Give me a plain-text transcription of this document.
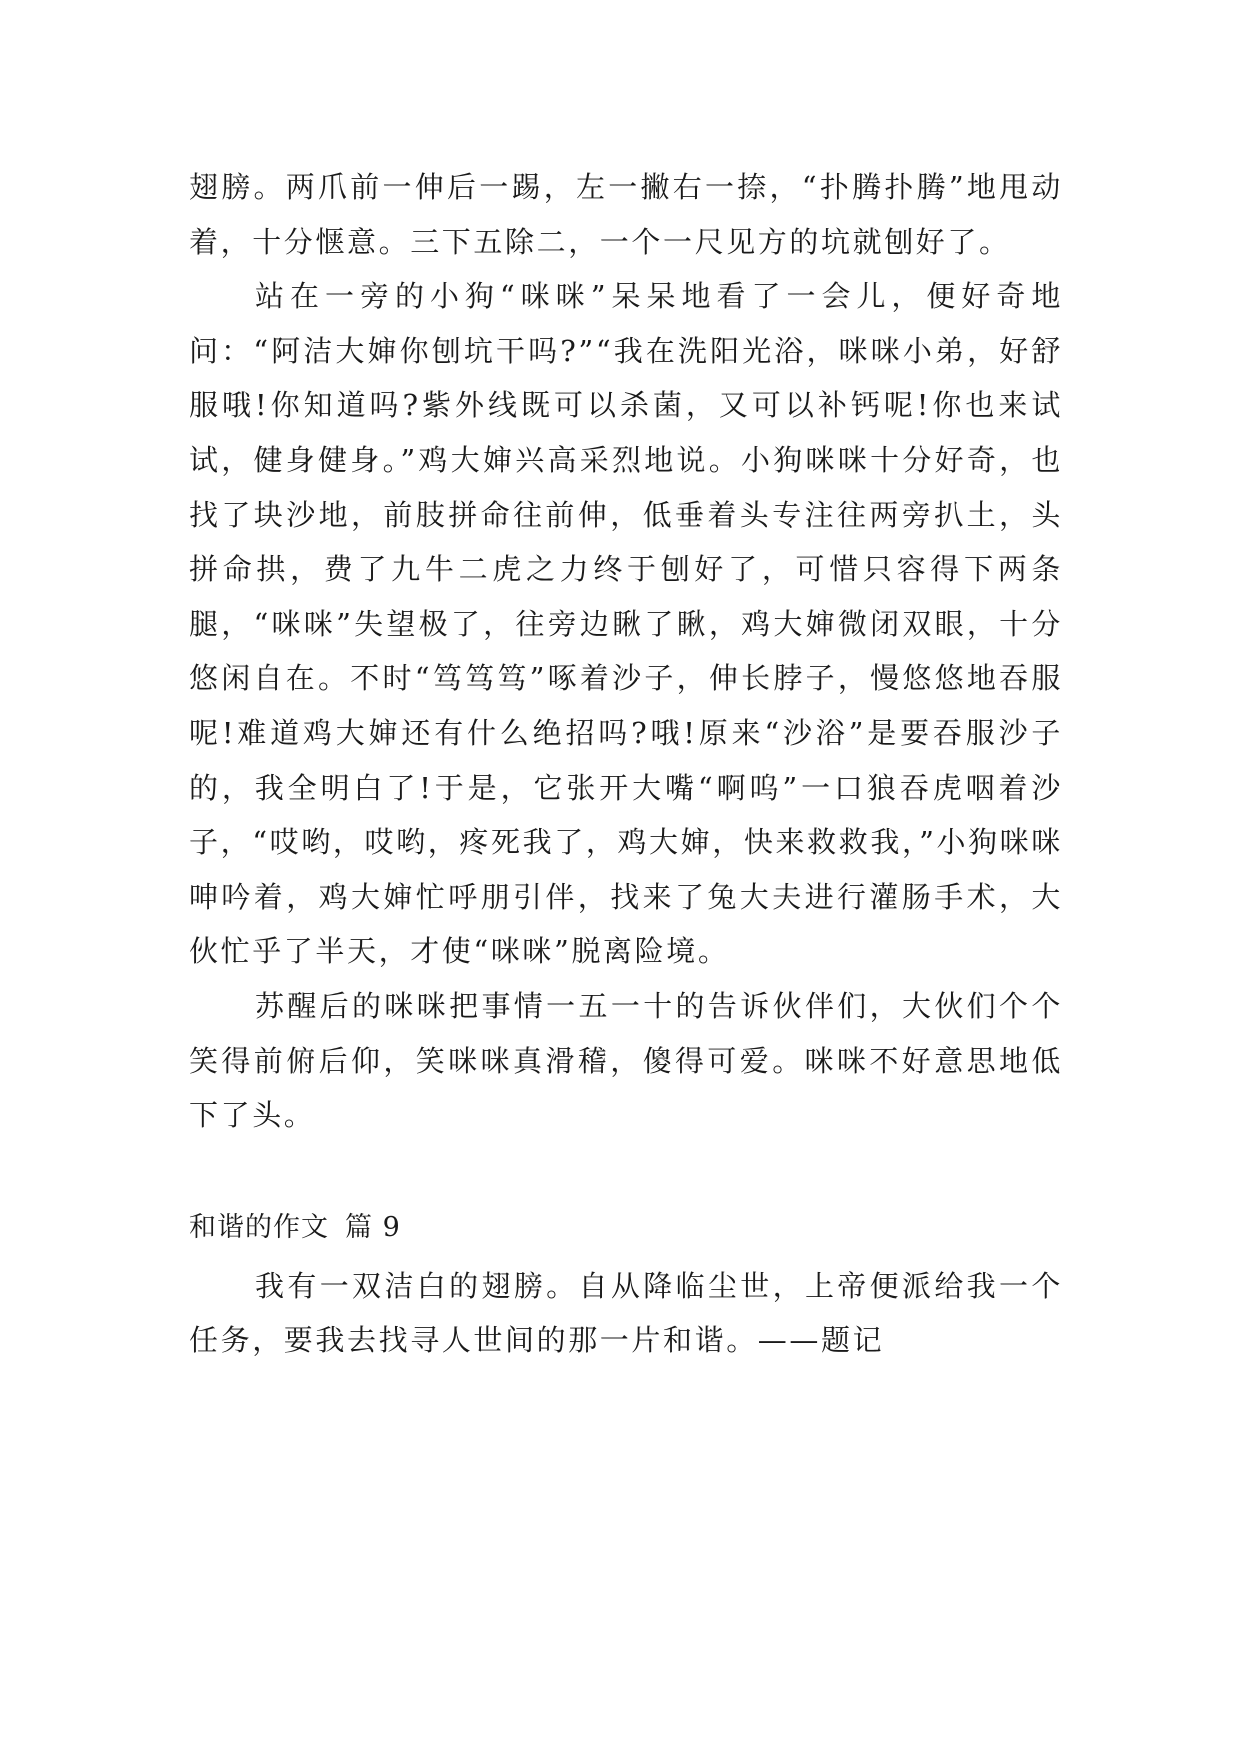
翅膀。两爪前一伸后一踢，左一撇右一捺，“扑腾扑腾”地甩动着，十分惬意。三下五除二，一个一尺见方的坑就刨好了。

站在一旁的小狗“咪咪”呆呆地看了一会儿，便好奇地问：“阿洁大婶你刨坑干吗?”“我在洗阳光浴，咪咪小弟，好舒服哦!你知道吗?紫外线既可以杀菌，又可以补钙呢!你也来试试，健身健身。”鸡大婶兴高采烈地说。小狗咪咪十分好奇，也找了块沙地，前肢拼命往前伸，低垂着头专注往两旁扒土，头拼命拱，费了九牛二虎之力终于刨好了，可惜只容得下两条腿，“咪咪”失望极了，往旁边瞅了瞅，鸡大婶微闭双眼，十分悠闲自在。不时“笃笃笃”啄着沙子，伸长脖子，慢悠悠地吞服呢!难道鸡大婶还有什么绝招吗?哦!原来“沙浴”是要吞服沙子的，我全明白了!于是，它张开大嘴“啊呜”一口狼吞虎咽着沙子，“哎哟，哎哟，疼死我了，鸡大婶，快来救救我，”小狗咪咪呻吟着，鸡大婶忙呼朋引伴，找来了兔大夫进行灌肠手术，大伙忙乎了半天，才使“咪咪”脱离险境。

苏醒后的咪咪把事情一五一十的告诉伙伴们，大伙们个个笑得前俯后仰，笑咪咪真滑稽，傻得可爱。咪咪不好意思地低下了头。

和谐的作文 篇 9

我有一双洁白的翅膀。自从降临尘世，上帝便派给我一个任务，要我去找寻人世间的那一片和谐。——题记
